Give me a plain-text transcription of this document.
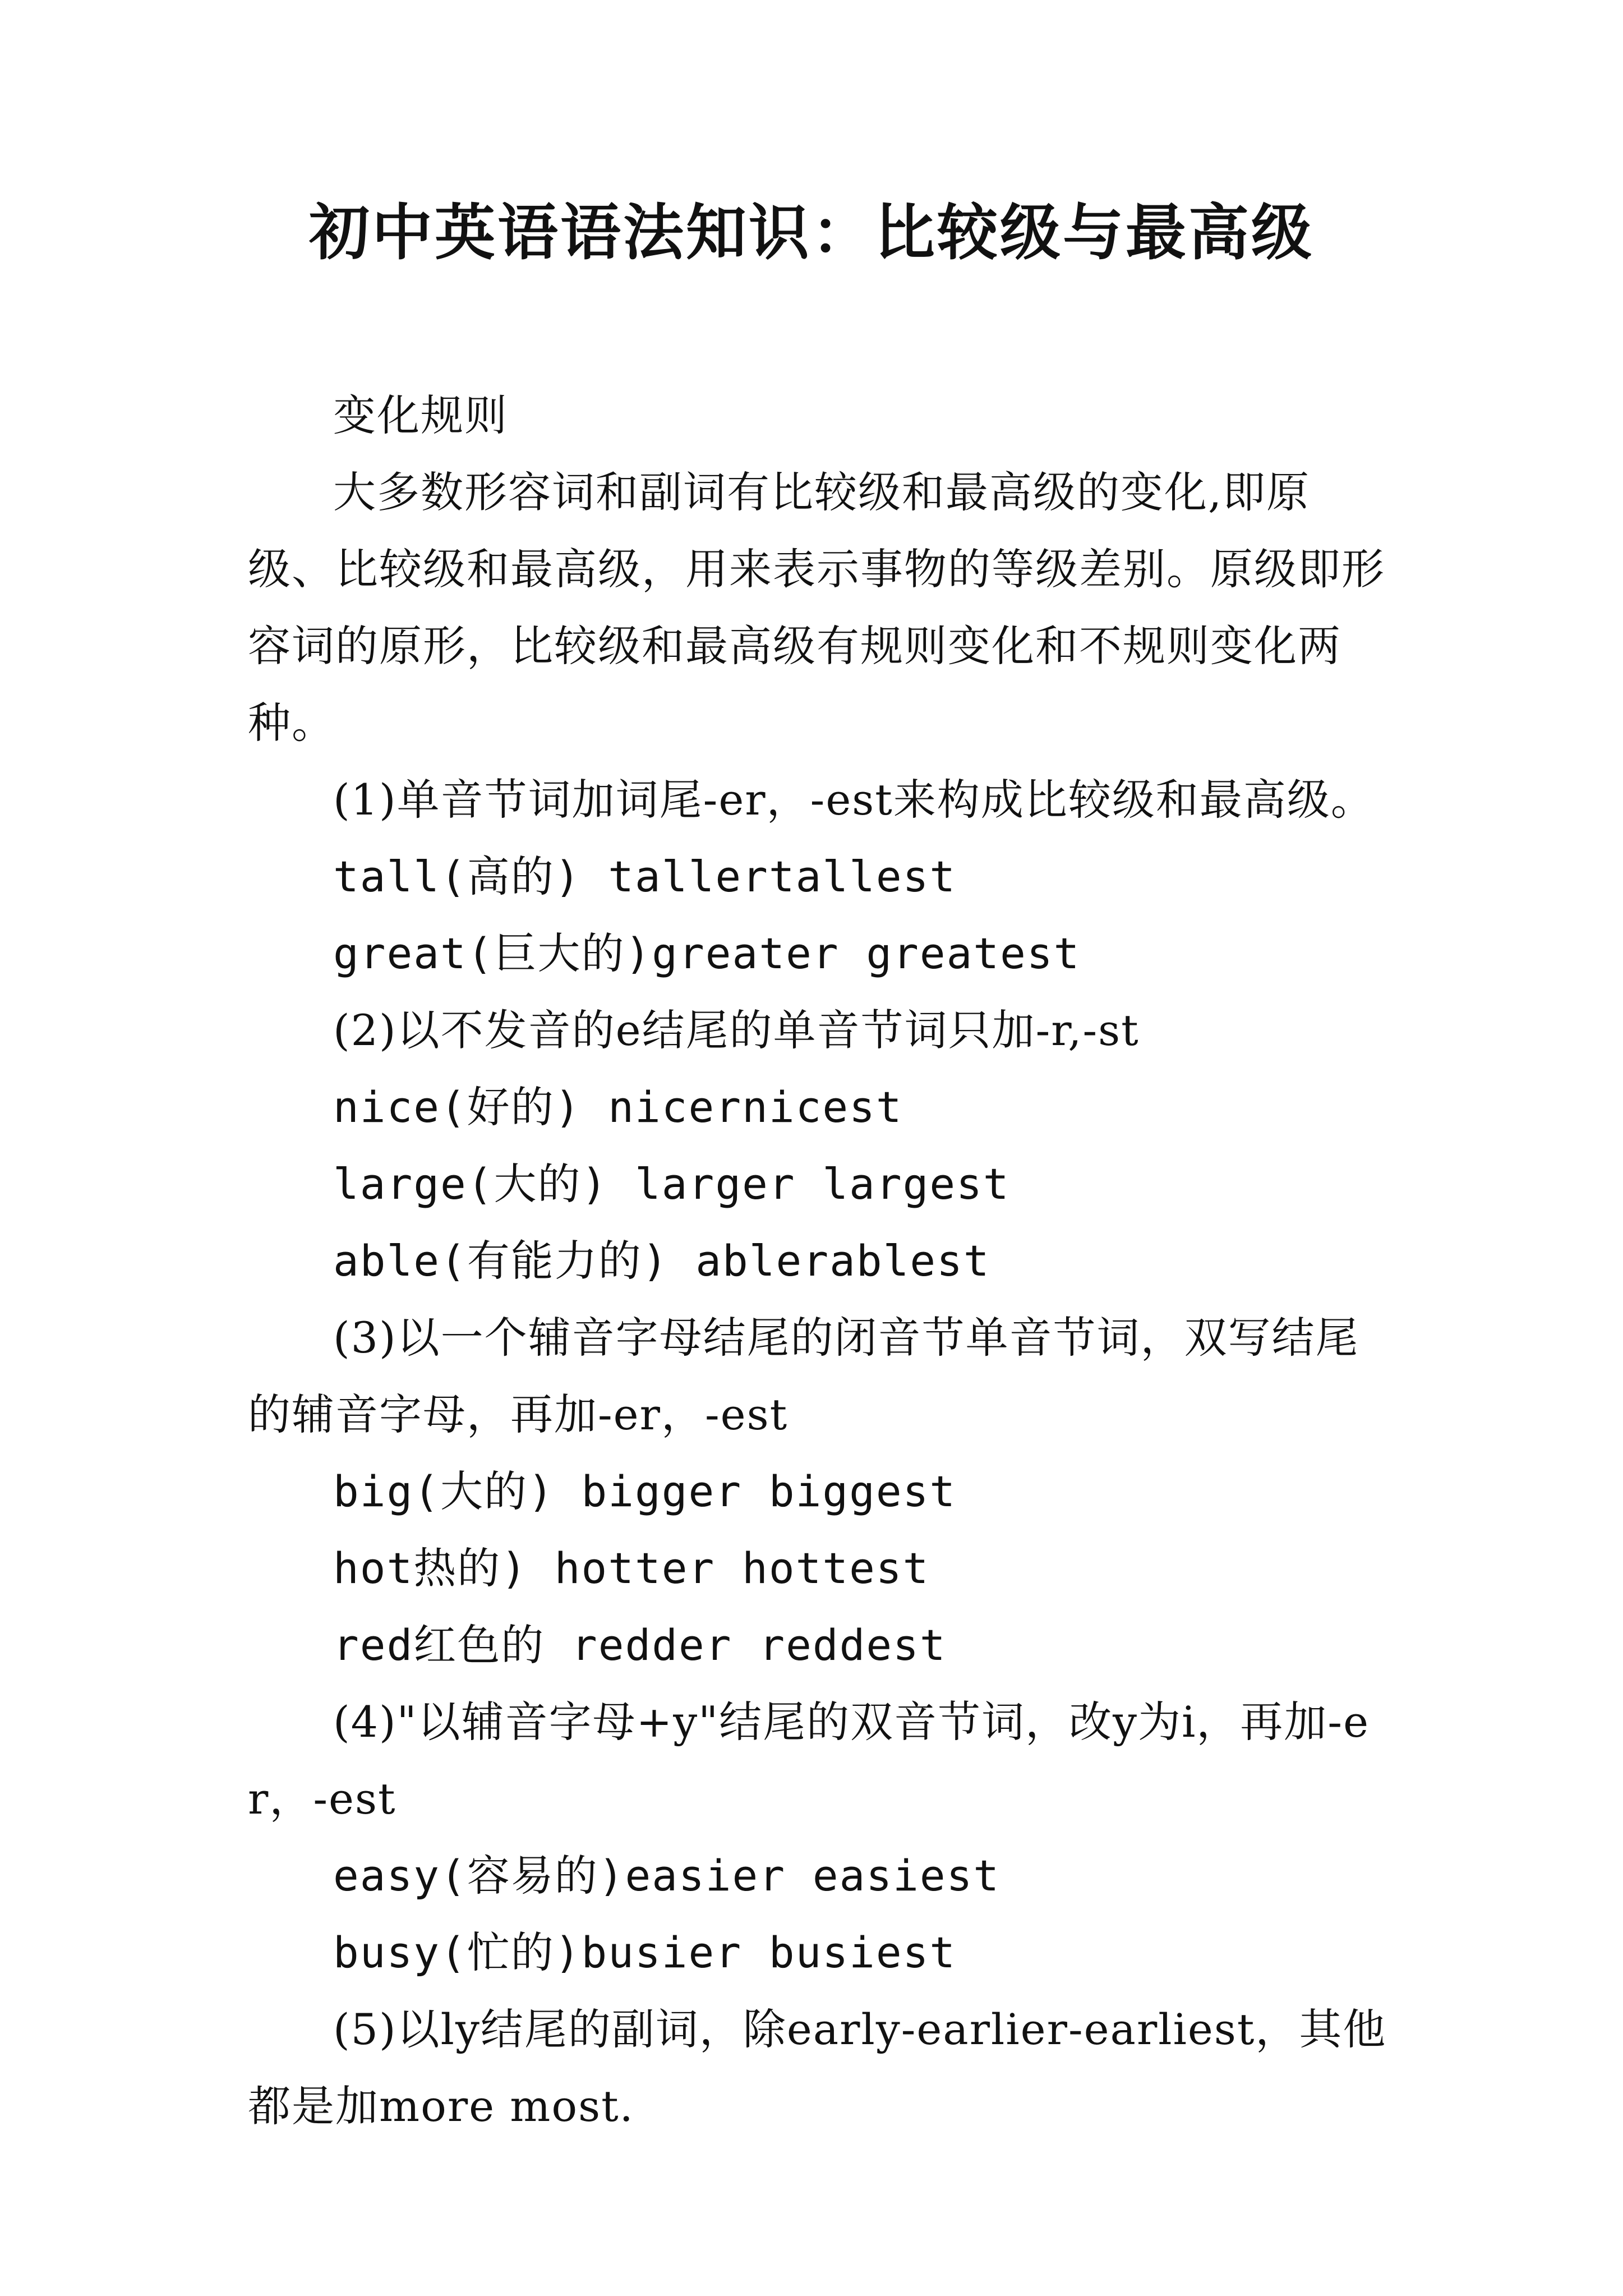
初中英语语法知识：比较级与最高级

变化规则

大多数形容词和副词有比较级和最高级的变化,即原级、比较级和最高级，用来表示事物的等级差别。原级即形容词的原形，比较级和最高级有规则变化和不规则变化两种。

(1)单音节词加词尾-er，-est来构成比较级和最高级。

tall(高的) tallertallest

great(巨大的)greater greatest

(2)以不发音的e结尾的单音节词只加-r,-st

nice(好的) nicernicest

large(大的) larger largest

able(有能力的) ablerablest

(3)以一个辅音字母结尾的闭音节单音节词，双写结尾的辅音字母，再加-er，-est

big(大的) bigger biggest

hot热的) hotter hottest

red红色的 redder reddest

(4)"以辅音字母+y"结尾的双音节词，改y为i，再加-er，-est

easy(容易的)easier easiest

busy(忙的)busier busiest

(5)以ly结尾的副词，除early-earlier-earliest，其他都是加more most.
